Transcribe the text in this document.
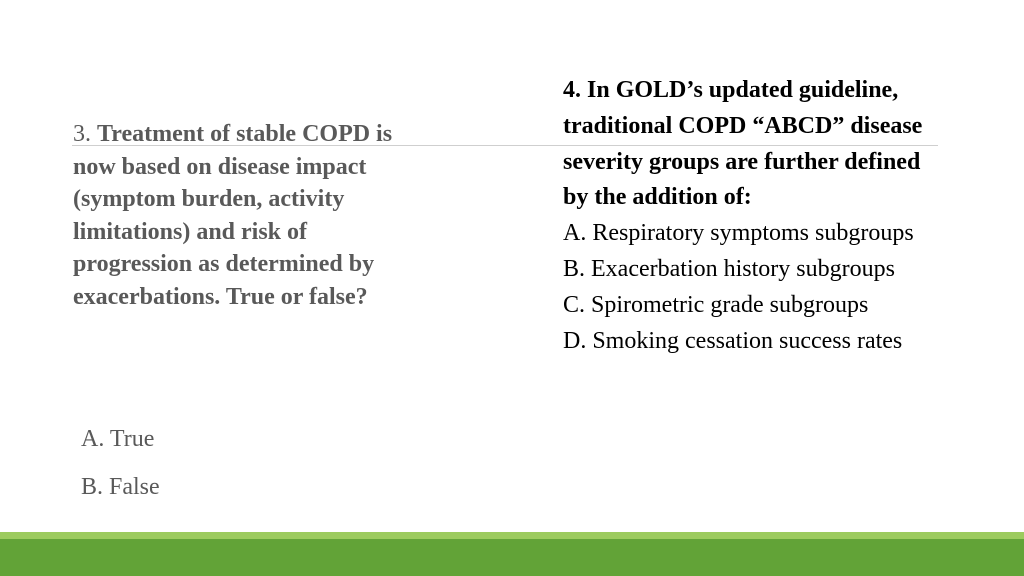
3. Treatment of stable COPD is now based on disease impact (symptom burden, activity limitations) and risk of progression as determined by exacerbations. True or false?
A. True
B. False
4. In GOLD’s updated guideline, traditional COPD “ABCD” disease severity groups are further defined by the addition of:
A. Respiratory symptoms subgroups
B. Exacerbation history subgroups
C. Spirometric grade subgroups
D. Smoking cessation success rates
